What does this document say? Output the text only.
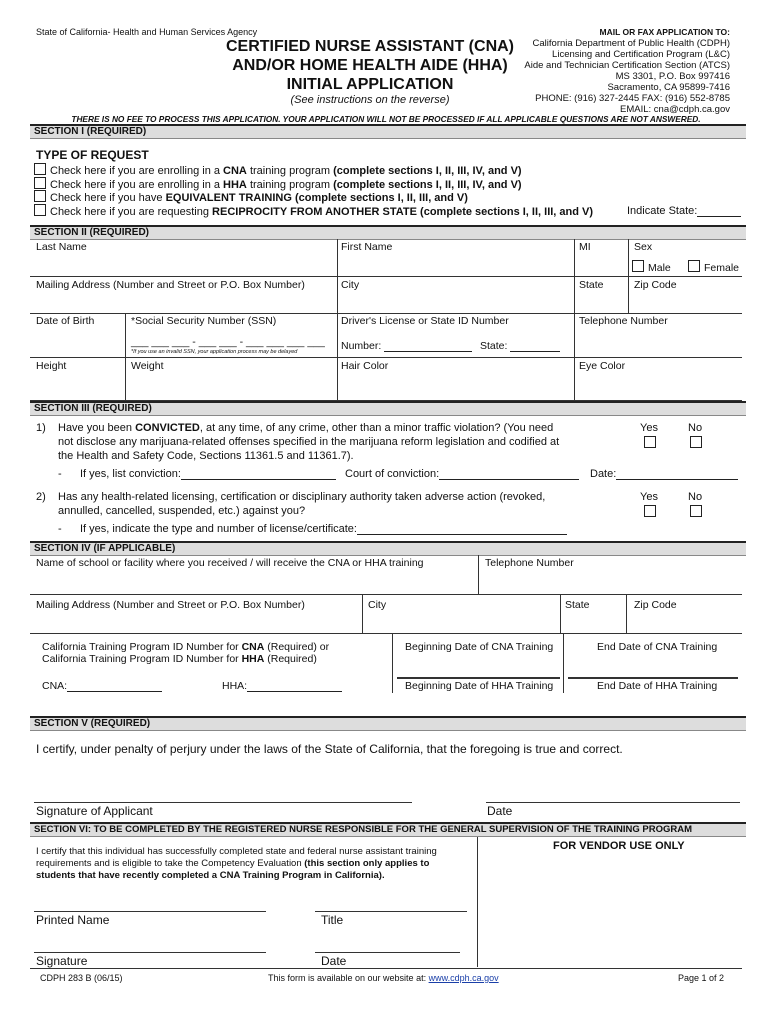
State of California- Health and Human Services Agency
CERTIFIED NURSE ASSISTANT (CNA)
AND/OR HOME HEALTH AIDE (HHA)
INITIAL APPLICATION
(See instructions on the reverse)
MAIL OR FAX APPLICATION TO:
California Department of Public Health (CDPH)
Licensing and Certification Program (L&C)
Aide and Technician Certification Section (ATCS)
MS 3301, P.O. Box 997416
Sacramento, CA 95899-7416
PHONE: (916) 327-2445 FAX: (916) 552-8785
EMAIL: cna@cdph.ca.gov
THERE IS NO FEE TO PROCESS THIS APPLICATION. YOUR APPLICATION WILL NOT BE PROCESSED IF ALL APPLICABLE QUESTIONS ARE NOT ANSWERED.
SECTION I (REQUIRED)
TYPE OF REQUEST
Check here if you are enrolling in a CNA training program (complete sections I, II, III, IV, and V)
Check here if you are enrolling in a HHA training program (complete sections I, II, III, IV, and V)
Check here if you have EQUIVALENT TRAINING (complete sections I, II, III, and V)
Check here if you are requesting RECIPROCITY FROM ANOTHER STATE (complete sections I, II, III, and V)	Indicate State:
SECTION II (REQUIRED)
Last Name	First Name	MI	Sex
Male	Female
Mailing Address (Number and Street or P.O. Box Number)	City	State	Zip Code
Date of Birth	*Social Security Number (SSN)
___ ___ ___ - ___ ___ - ___ ___ ___ ___
*If you use an invalid SSN, your application process may be delayed
Driver's License or State ID Number
Number:	State:
Telephone Number
Height	Weight	Hair Color	Eye Color
SECTION III (REQUIRED)
1) Have you been CONVICTED, at any time, of any crime, other than a minor traffic violation? (You need
not disclose any marijuana-related offenses specified in the marijuana reform legislation and codified at
the Health and Safety Code, Sections 11361.5 and 11361.7).
Yes	No
- If yes, list conviction:	Court of conviction:	Date:
2) Has any health-related licensing, certification or disciplinary authority taken adverse action (revoked,
annulled, cancelled, suspended, etc.) against you?
Yes	No
- If yes, indicate the type and number of license/certificate:
SECTION IV (IF APPLICABLE)
Name of school or facility where you received / will receive the CNA or HHA training	Telephone Number
Mailing Address (Number and Street or P.O. Box Number)	City	State	Zip Code
California Training Program ID Number for CNA (Required) or
California Training Program ID Number for HHA (Required)
CNA:	HHA:
Beginning Date of CNA Training	End Date of CNA Training
Beginning Date of HHA Training	End Date of HHA Training
SECTION V (REQUIRED)
I certify, under penalty of perjury under the laws of the State of California, that the foregoing is true and correct.
Signature of Applicant	Date
SECTION VI: TO BE COMPLETED BY THE REGISTERED NURSE RESPONSIBLE FOR THE GENERAL SUPERVISION OF THE TRAINING PROGRAM
I certify that this individual has successfully completed state and federal nurse assistant training
requirements and is eligible to take the Competency Evaluation (this section only applies to
students that have recently completed a CNA Training Program in California).
FOR VENDOR USE ONLY
Printed Name	Title
Signature	Date
CDPH 283 B (06/15)	This form is available on our website at: www.cdph.ca.gov	Page 1 of 2
